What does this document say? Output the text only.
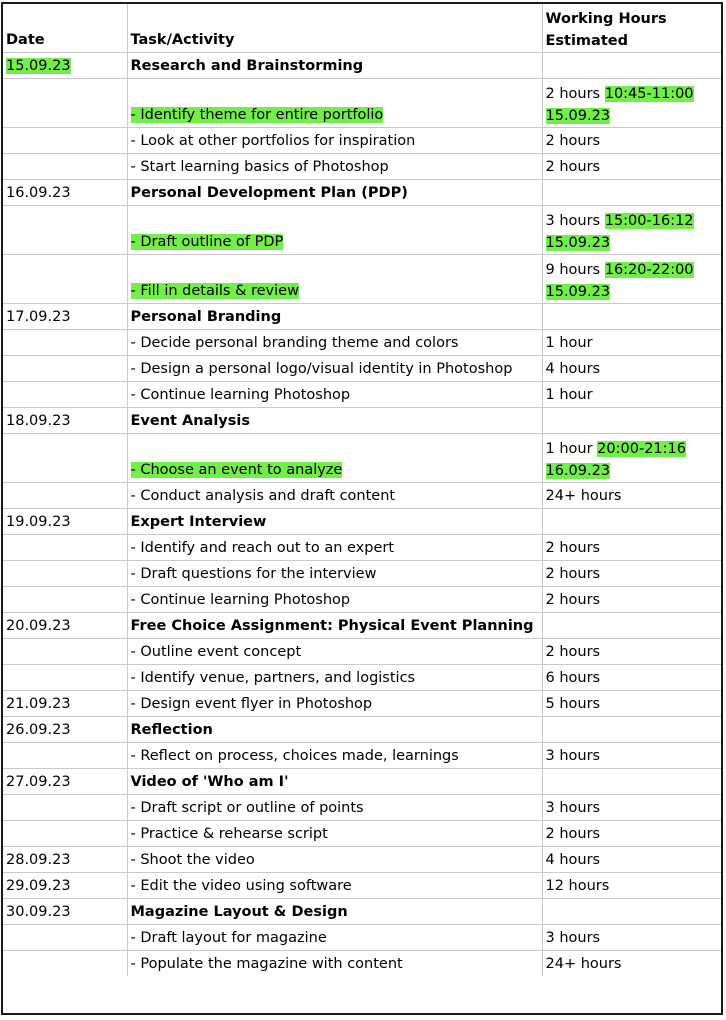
Date	Task/Activity	Working Hours Estimated
15.09.23	Research and Brainstorming	
	- Identify theme for entire portfolio	2 hours 10:45-11:00 15.09.23
	- Look at other portfolios for inspiration	2 hours
	- Start learning basics of Photoshop	2 hours
16.09.23	Personal Development Plan (PDP)	
	- Draft outline of PDP	3 hours 15:00-16:12 15.09.23
	- Fill in details & review	9 hours 16:20-22:00 15.09.23
17.09.23	Personal Branding	
	- Decide personal branding theme and colors	1 hour
	- Design a personal logo/visual identity in Photoshop	4 hours
	- Continue learning Photoshop	1 hour
18.09.23	Event Analysis	
	- Choose an event to analyze	1 hour 20:00-21:16 16.09.23
	- Conduct analysis and draft content	24+ hours
19.09.23	Expert Interview	
	- Identify and reach out to an expert	2 hours
	- Draft questions for the interview	2 hours
	- Continue learning Photoshop	2 hours
20.09.23	Free Choice Assignment: Physical Event Planning	
	- Outline event concept	2 hours
	- Identify venue, partners, and logistics	6 hours
21.09.23	- Design event flyer in Photoshop	5 hours
26.09.23	Reflection	
	- Reflect on process, choices made, learnings	3 hours
27.09.23	Video of 'Who am I'	
	- Draft script or outline of points	3 hours
	- Practice & rehearse script	2 hours
28.09.23	- Shoot the video	4 hours
29.09.23	- Edit the video using software	12 hours
30.09.23	Magazine Layout & Design	
	- Draft layout for magazine	3 hours
	- Populate the magazine with content	24+ hours
